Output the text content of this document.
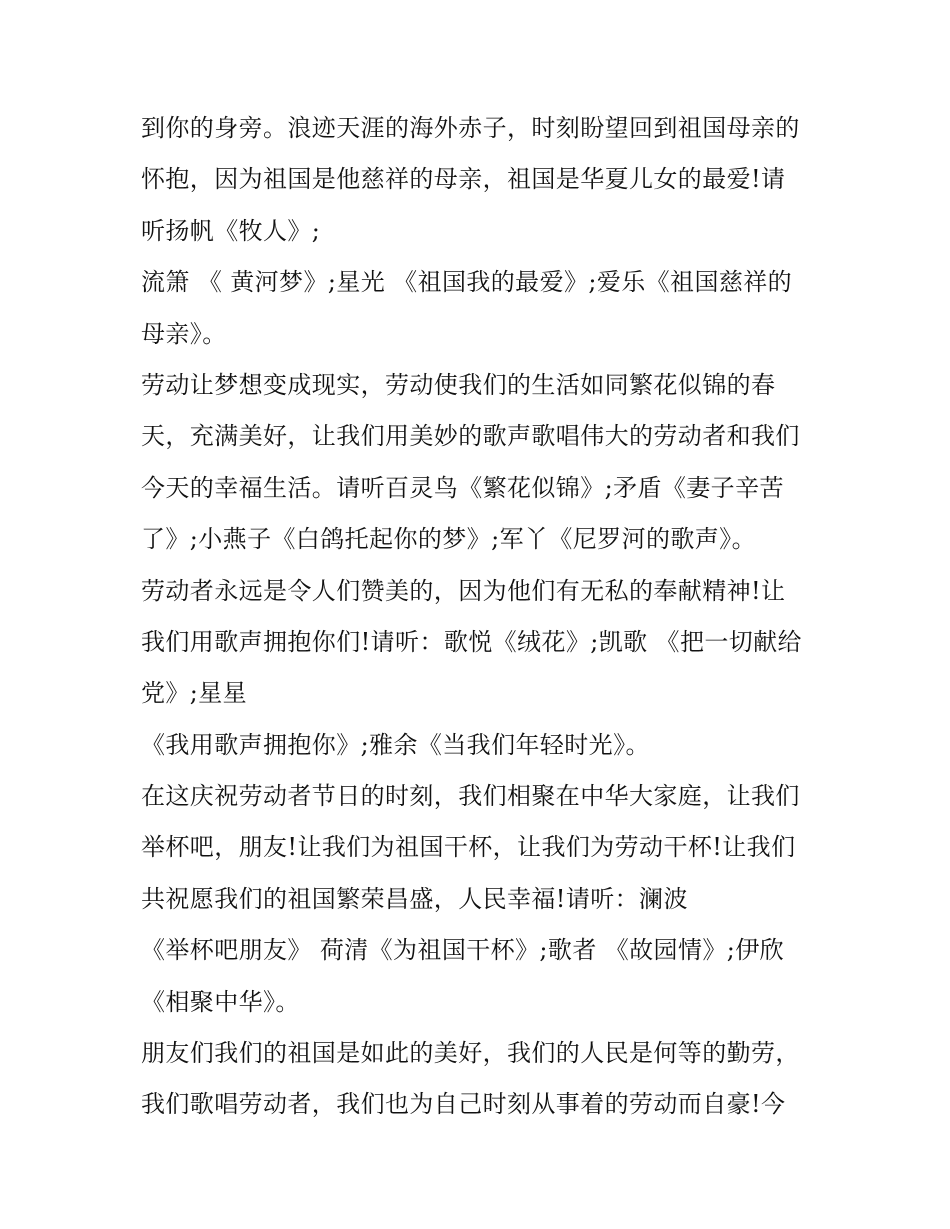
到你的身旁。浪迹天涯的海外赤子，时刻盼望回到祖国母亲的
怀抱，因为祖国是他慈祥的母亲，祖国是华夏儿女的最爱!请
听扬帆《牧人》;
流箫 《 黄河梦》;星光 《祖国我的最爱》;爱乐《祖国慈祥的
母亲》。
劳动让梦想变成现实，劳动使我们的生活如同繁花似锦的春
天，充满美好，让我们用美妙的歌声歌唱伟大的劳动者和我们
今天的幸福生活。请听百灵鸟《繁花似锦》;矛盾《妻子辛苦
了》;小燕子《白鸽托起你的梦》;军丫《尼罗河的歌声》。
劳动者永远是令人们赞美的，因为他们有无私的奉献精神!让
我们用歌声拥抱你们!请听：歌悦《绒花》;凯歌 《把一切献给
党》;星星
《我用歌声拥抱你》;雅余《当我们年轻时光》。
在这庆祝劳动者节日的时刻，我们相聚在中华大家庭，让我们
举杯吧，朋友!让我们为祖国干杯，让我们为劳动干杯!让我们
共祝愿我们的祖国繁荣昌盛，人民幸福!请听：澜波
《举杯吧朋友》 荷清《为祖国干杯》;歌者 《故园情》;伊欣
《相聚中华》。
朋友们我们的祖国是如此的美好，我们的人民是何等的勤劳，
我们歌唱劳动者，我们也为自己时刻从事着的劳动而自豪!今
